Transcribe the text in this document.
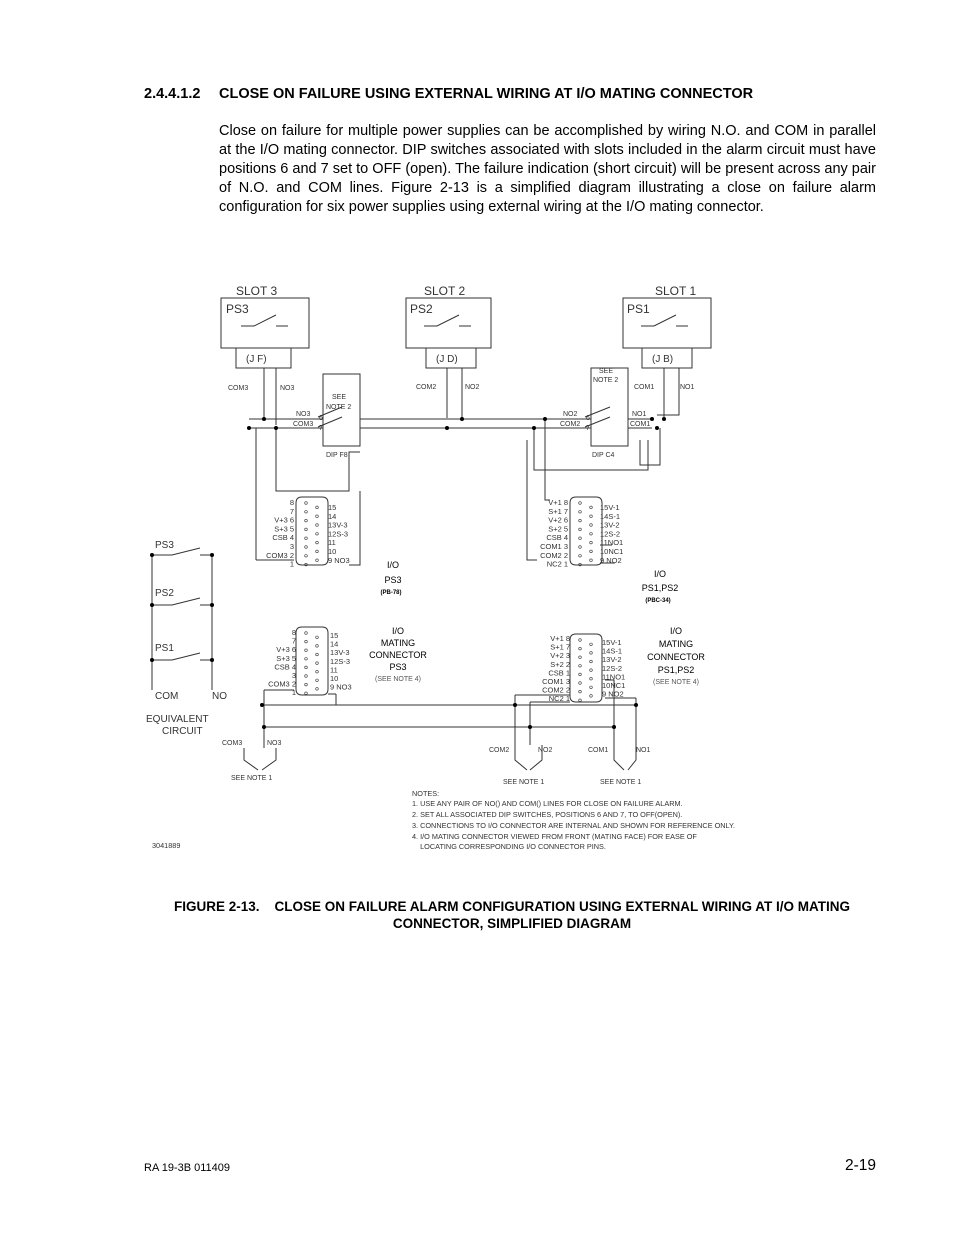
2.4.4.1.2 CLOSE ON FAILURE USING EXTERNAL WIRING AT I/O MATING CONNECTOR

Close on failure for multiple power supplies can be accomplished by wiring N.O. and COM in parallel at the I/O mating connector. DIP switches associated with slots included in the alarm circuit must have positions 6 and 7 set to OFF (open). The failure indication (short circuit) will be present across any pair of N.O. and COM lines. Figure 2-13 is a simplified diagram illustrating a close on failure alarm configuration for six power supplies using external wiring at the I/O mating connector.

SLOT 3
PS3
(J F)
SLOT 2
PS2
(J D)
SLOT 1
PS1
(J B)
COM3	NO3	COM2	NO2	COM1	NO1
SEE
NOTE 2
NO3
COM3
6
7
DIP F8
SEE
NOTE 2
NO2
COM2
6
7
NO1
COM1
DIP C4
8
7
V+3 6
S+3 5
CSB 4
3
COM3 2
1
15
14
13V-3
12S-3
11
10
9 NO3
V+1 8
S+1 7
V+2 6
S+2 5
CSB 4
COM1 3
COM2 2
NC2 1
15V-1
14S-1
13V-2
12S-2
11NO1
10NC1
9 NO2
8
7
V+3 6
S+3 5
CSB 4
3
COM3 2
1
15
14
13V-3
12S-3
11
10
9 NO3
V+1 8
S+1 7
V+2 3
S+2 2
CSB 1
COM1 3
COM2 2
NC2 1
15V-1
14S-1
13V-2
12S-2
11NO1
10NC1
9 NO2
I/O
PS3
(PB-78)
I/O
PS1,PS2
(PBC-34)
I/O
MATING
CONNECTOR
PS3
(SEE NOTE 4)
I/O
MATING
CONNECTOR
PS1,PS2
(SEE NOTE 4)
PS3
PS2
PS1
COM	NO
EQUIVALENT
CIRCUIT
COM3	NO3
COM2	NO2	COM1	NO1
SEE NOTE 1
SEE NOTE 1	SEE NOTE 1
NOTES:
1. USE ANY PAIR OF NO() AND COM() LINES FOR CLOSE ON FAILURE ALARM.
2. SET ALL ASSOCIATED DIP SWITCHES, POSITIONS 6 AND 7, TO OFF(OPEN).
3. CONNECTIONS TO I/O CONNECTOR ARE INTERNAL AND SHOWN FOR REFERENCE ONLY.
4. I/O MATING CONNECTOR VIEWED FROM FRONT (MATING FACE) FOR EASE OF
LOCATING CORRESPONDING I/O CONNECTOR PINS.
3041889
FIGURE 2-13. CLOSE ON FAILURE ALARM CONFIGURATION USING EXTERNAL WIRING AT I/O MATING CONNECTOR, SIMPLIFIED DIAGRAM
RA 19-3B 011409	2-19
